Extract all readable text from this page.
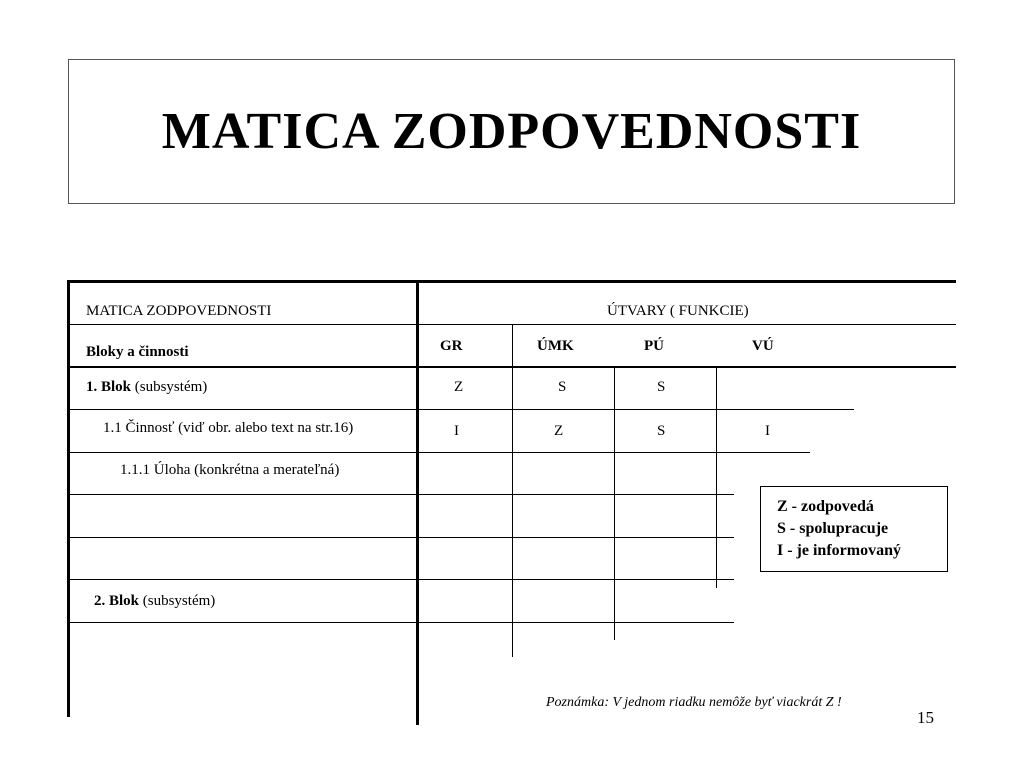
MATICA ZODPOVEDNOSTI
MATICA ZODPOVEDNOSTI	ÚTVARY ( FUNKCIE)
Bloky a činnosti	GR	ÚMK	PÚ	VÚ
1. Blok (subsystém)	Z	S	S
1.1 Činnosť (viď obr. alebo text na str.16)	I	Z	S	I
1.1.1 Úloha (konkrétna a merateľná)
2. Blok (subsystém)
Z - zodpovedá
S - spolupracuje
I - je informovaný
Poznámka: V jednom riadku nemôže byť viackrát Z !
15
